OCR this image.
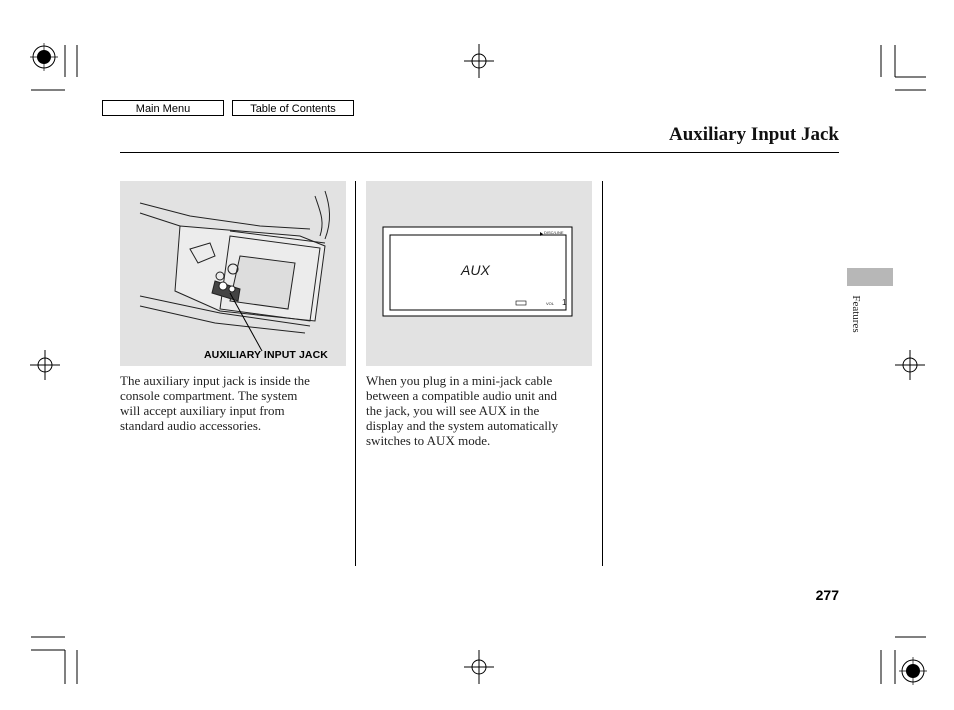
Main Menu	Table of Contents
Auxiliary Input Jack
AUXILIARY INPUT JACK
DISC/LINE
AUX
VOL 1
The auxiliary input jack is inside the
console compartment. The system
will accept auxiliary input from
standard audio accessories.
When you plug in a mini-jack cable
between a compatible audio unit and
the jack, you will see AUX in the
display and the system automatically
switches to AUX mode.
Features
277
